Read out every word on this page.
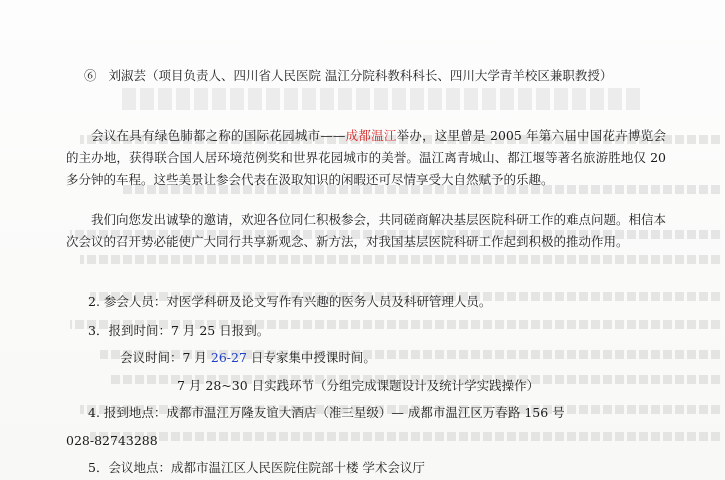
⑥ 刘淑芸（项目负责人、四川省人民医院 温江分院科教科科长、四川大学青羊校区兼职教授）
会议在具有绿色肺都之称的国际花园城市——成都温江举办，这里曾是 2005 年第六届中国花卉博览会的主办地，获得联合国人居环境范例奖和世界花园城市的美誉。温江离青城山、都江堰等著名旅游胜地仅 20 多分钟的车程。这些美景让参会代表在汲取知识的闲暇还可尽情享受大自然赋予的乐趣。
我们向您发出诚挚的邀请，欢迎各位同仁积极参会，共同磋商解决基层医院科研工作的难点问题。相信本次会议的召开势必能使广大同行共享新观念、新方法，对我国基层医院科研工作起到积极的推动作用。
2. 参会人员：对医学科研及论文写作有兴趣的医务人员及科研管理人员。
3．报到时间：7 月 25 日报到。
会议时间：7 月 26-27 日专家集中授课时间。
7 月 28~30 日实践环节（分组完成课题设计及统计学实践操作）
4. 报到地点：成都市温江万隆友谊大酒店（准三星级）— 成都市温江区万春路 156 号
028-82743288
5．会议地点：成都市温江区人民医院住院部十楼 学术会议厅
